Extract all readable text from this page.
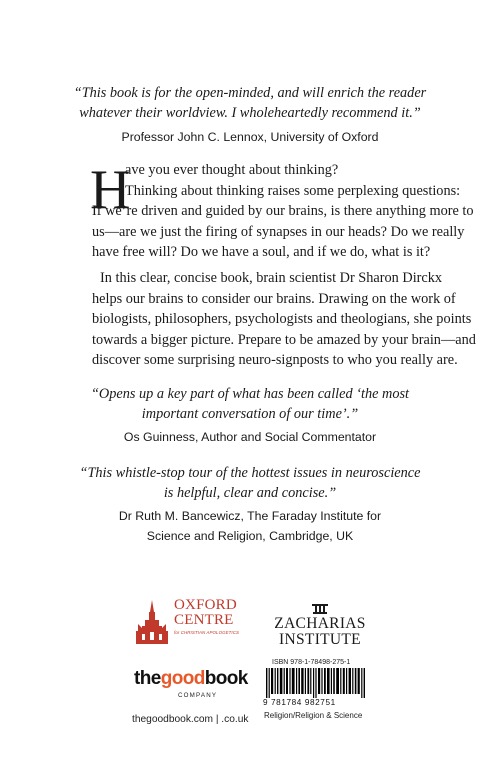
“This book is for the open-minded, and will enrich the reader
whatever their worldview. I wholeheartedly recommend it.”
Professor John C. Lennox, University of Oxford
H
ave you ever thought about thinking?
Thinking about thinking raises some perplexing questions:
If we’re driven and guided by our brains, is there anything more to
us—are we just the firing of synapses in our heads? Do we really
have free will? Do we have a soul, and if we do, what is it?
In this clear, concise book, brain scientist Dr Sharon Dirckx
helps our brains to consider our brains. Drawing on the work of
biologists, philosophers, psychologists and theologians, she points
towards a bigger picture. Prepare to be amazed by your brain—and
discover some surprising neuro-signposts to who you really are.
“Opens up a key part of what has been called ‘the most
important conversation of our time’.”
Os Guinness, Author and Social Commentator
“This whistle-stop tour of the hottest issues in neuroscience
is helpful, clear and concise.”
Dr Ruth M. Bancewicz, The Faraday Institute for
Science and Religion, Cambridge, UK
OXFORD
CENTRE
for CHRISTIAN APOLOGETICS
ZACHARIAS
INSTITUTE
thegoodbook
COMPANY
thegoodbook.com | .co.uk
ISBN 978-1-78498-275-1
9 781784 982751
Religion/Religion & Science
